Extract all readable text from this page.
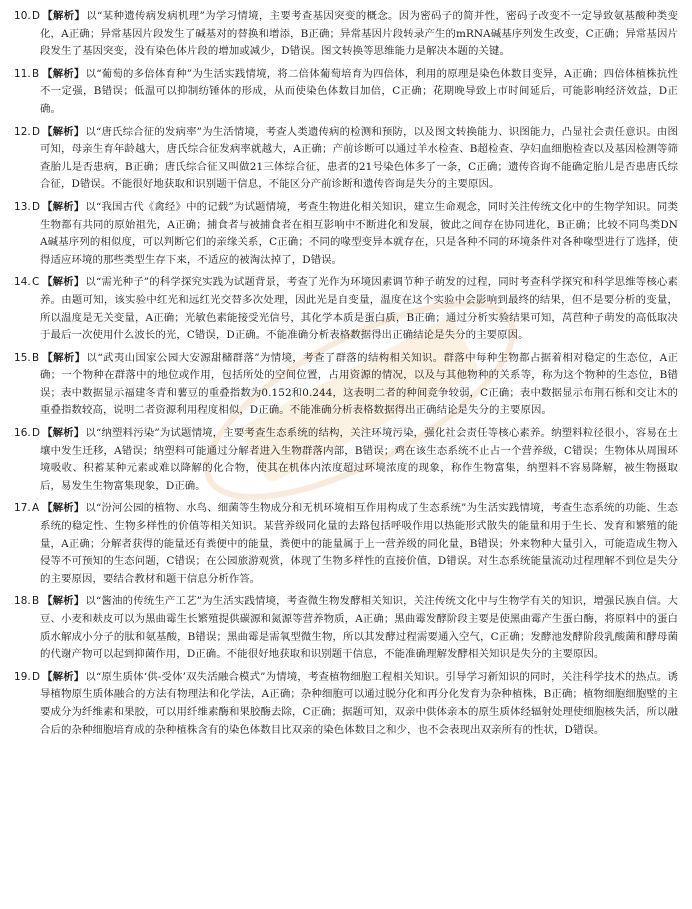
10.D 【解析】以“某种遗传病发病机理”为学习情境，主要考查基因突变的概念。因为密码子的简并性，密码子改变不一定导致氨基酸种类变化，A正确；异常基因片段发生了碱基对的替换和增添，B正确；异常基因片段转录产生的mRNA碱基序列发生改变，C正确；异常基因片段发生了基因突变，没有染色体片段的增加或减少，D错误。图文转换等思维能力是解决本题的关键。
11.B 【解析】以“葡萄的多倍体育种”为生活实践情境，将二倍体葡萄培育为四倍体，利用的原理是染色体数目变异，A正确；四倍体植株抗性不一定强，B错误；低温可以抑制纺锤体的形成，从而使染色体数目加倍，C正确；花期晚导致上市时间延后，可能影响经济效益，D正确。
12.D 【解析】以“唐氏综合征的发病率”为生活情境，考查人类遗传病的检测和预防，以及图文转换能力、识图能力，凸显社会责任意识。由图可知，母亲生育年龄越大，唐氏综合征发病率就越大，A正确；产前诊断可以通过羊水检查、B超检查、孕妇血细胞检查以及基因检测等筛查胎儿是否患病，B正确；唐氏综合征又叫做21三体综合征，患者的21号染色体多了一条，C正确；遗传咨询不能确定胎儿是否患唐氏综合征，D错误。不能很好地获取和识别题干信息，不能区分产前诊断和遗传咨询是失分的主要原因。
13.D 【解析】以“我国古代《禽经》中的记载”为试题情境，考查生物进化相关知识，建立生命观念，同时关注传统文化中的生物学知识。同类生物都有共同的原始祖先，A正确；捕食者与被捕食者在相互影响中不断进化和发展，彼此之间存在协同进化，B正确；比较不同鸟类DNA碱基序列的相似度，可以判断它们的亲缘关系，C正确；不同的喙型变异本就存在，只是各种不同的环境条件对各种喙型进行了选择，使得适应环境的那些类型生存下来，不适应的被淘汰掉了，D错误。
14.C 【解析】以“需光种子”的科学探究实践为试题背景，考查了光作为环境因素调节种子萌发的过程，同时考查科学探究和科学思维等核心素养。由题可知，该实验中红光和远红光交替多次处理，因此光是自变量，温度在这个实验中会影响到最终的结果，但不是要分析的变量，所以温度是无关变量，A正确；光敏色素能接受光信号，其化学本质是蛋白质，B正确；通过分析实验结果可知，莴苣种子萌发的高低取决于最后一次使用什么波长的光，C错误，D正确。不能准确分析表格数据得出正确结论是失分的主要原因。
15.B 【解析】以“武夷山国家公园大安源甜槠群落”为情境，考查了群落的结构相关知识。群落中每种生物都占据着相对稳定的生态位，A正确；一个物种在群落中的地位或作用，包括所处的空间位置，占用资源的情况，以及与其他物种的关系等，称为这个物种的生态位，B错误；表中数据显示福建冬青和薯豆的重叠指数为0.152和0.244，这表明二者的种间竞争较弱，C正确；表中数据显示布荆石栎和交让木的重叠指数较高，说明二者资源利用程度相似，D正确。不能准确分析表格数据得出正确结论是失分的主要原因。
16.D 【解析】以“纳塑料污染”为试题情境，主要考查生态系统的结构，关注环境污染，强化社会责任等核心素养。纳塑料粒径很小，容易在土壤中发生迁移，A错误；纳塑料可能通过分解者进入生物群落内部，B错误；鸡在该生态系统不止占一个营养级，C错误；生物体从周围环境吸收、积蓄某种元素或难以降解的化合物，使其在机体内浓度超过环境浓度的现象，称作生物富集，纳塑料不容易降解，被生物摄取后，易发生生物富集现象，D正确。
17.A 【解析】以“汾河公园的植物、水鸟、细菌等生物成分和无机环境相互作用构成了生态系统”为生活实践情境，考查生态系统的功能、生态系统的稳定性、生物多样性的价值等相关知识。某营养级同化量的去路包括呼吸作用以热能形式散失的能量和用于生长、发育和繁殖的能量，A正确；分解者获得的能量还有粪便中的能量，粪便中的能量属于上一营养级的同化量，B错误；外来物种大量引入，可能造成生物入侵等不可预知的生态问题，C错误；在公园旅游观赏，体现了生物多样性的直接价值，D错误。对生态系统能量流动过程理解不到位是失分的主要原因，要结合教材和题干信息分析作答。
18.B 【解析】以“酱油的传统生产工艺”为生活实践情境，考查微生物发酵相关知识，关注传统文化中与生物学有关的知识，增强民族自信。大豆、小麦和麸皮可以为黑曲霉生长繁殖提供碳源和氮源等营养物质，A正确；黑曲霉发酵阶段主要是使黑曲霉产生蛋白酶，将原料中的蛋白质水解成小分子的肽和氨基酸，B错误；黑曲霉是需氧型微生物，所以其发酵过程需要通入空气，C正确；发酵池发酵阶段乳酸菌和酵母菌的代谢产物可以起到抑菌作用，D正确。不能很好地获取和识别题干信息，不能准确理解发酵相关知识是失分的主要原因。
19.D 【解析】以“原生质体‘供-受体’双失活融合模式”为情境，考查植物细胞工程相关知识。引导学习新知识的同时，关注科学技术的热点。诱导植物原生质体融合的方法有物理法和化学法，A正确；杂种细胞可以通过脱分化和再分化发育为杂种植株，B正确；植物细胞细胞壁的主要成分为纤维素和果胶，可以用纤维素酶和果胶酶去除，C正确；据题可知，双亲中供体亲本的原生质体经辐射处理使细胞核失活，所以融合后的杂种细胞培育成的杂种植株含有的染色体数目比双亲的染色体数目之和少，也不会表现出双亲所有的性状，D错误。
